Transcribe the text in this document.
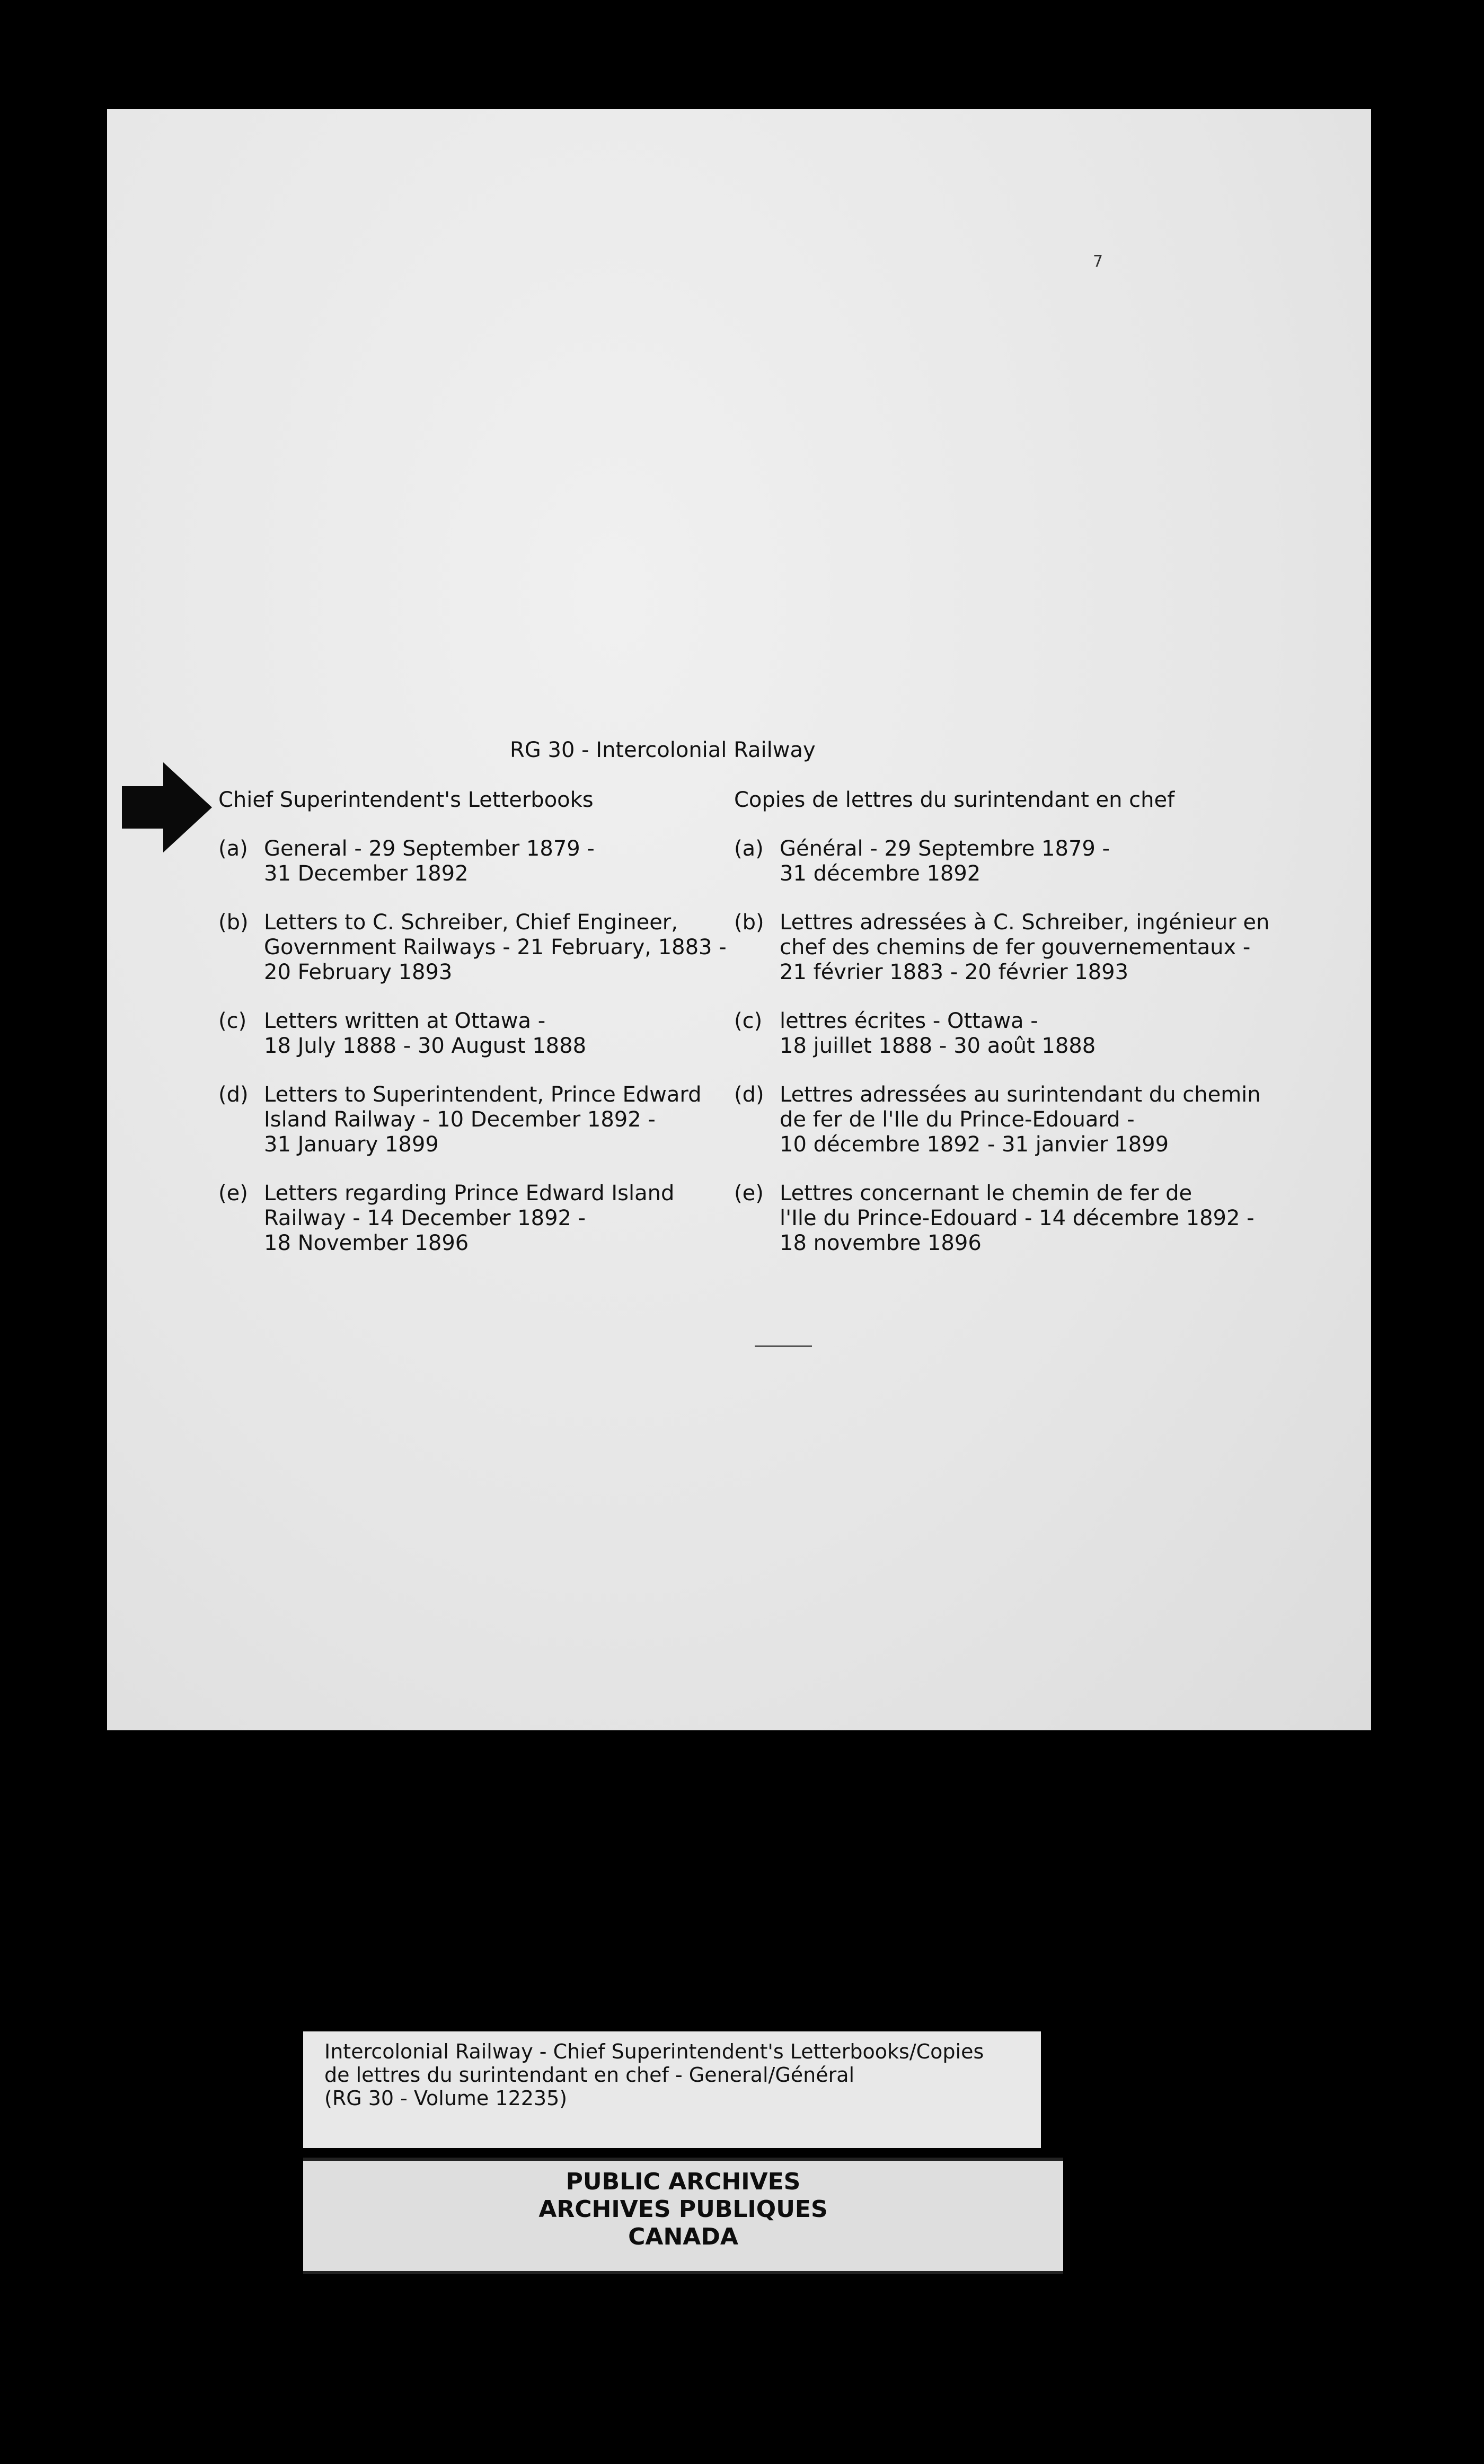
7
RG 30 - Intercolonial Railway
Chief Superintendent's Letterbooks
(a) General - 29 September 1879 -
31 December 1892
(b) Letters to C. Schreiber, Chief Engineer,
Government Railways - 21 February, 1883 -
20 February 1893
(c) Letters written at Ottawa -
18 July 1888 - 30 August 1888
(d) Letters to Superintendent, Prince Edward
Island Railway - 10 December 1892 -
31 January 1899
(e) Letters regarding Prince Edward Island
Railway - 14 December 1892 -
18 November 1896
Copies de lettres du surintendant en chef
(a) Général - 29 Septembre 1879 -
31 décembre 1892
(b) Lettres adressées à C. Schreiber, ingénieur en
chef des chemins de fer gouvernementaux -
21 février 1883 - 20 février 1893
(c) lettres écrites - Ottawa -
18 juillet 1888 - 30 août 1888
(d) Lettres adressées au surintendant du chemin
de fer de l'Ile du Prince-Edouard -
10 décembre 1892 - 31 janvier 1899
(e) Lettres concernant le chemin de fer de
l'Ile du Prince-Edouard - 14 décembre 1892 -
18 novembre 1896
Intercolonial Railway - Chief Superintendent's Letterbooks/Copies
de lettres du surintendant en chef - General/Général
(RG 30 - Volume 12235)
PUBLIC ARCHIVES
ARCHIVES PUBLIQUES
CANADA
